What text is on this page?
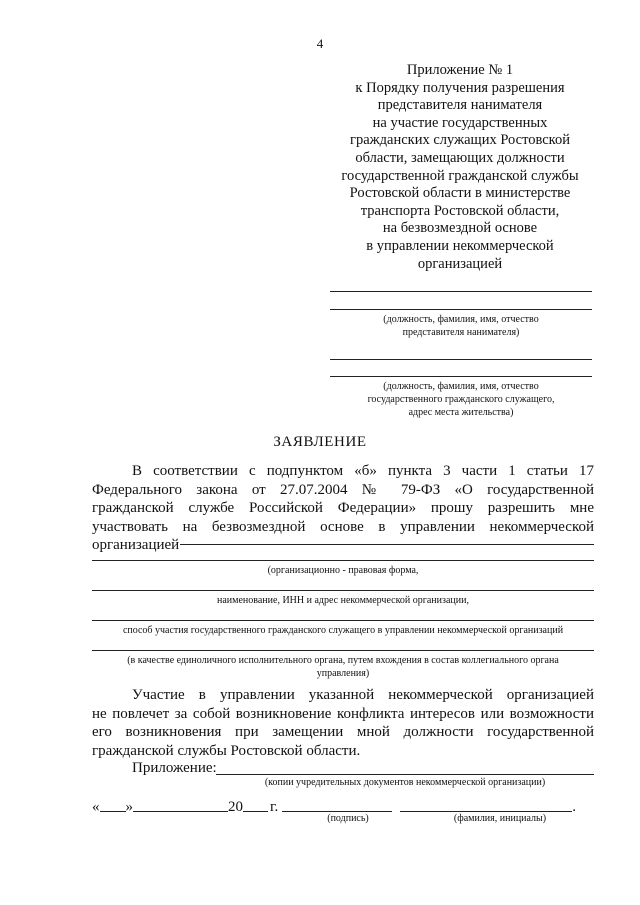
4
Приложение № 1
к Порядку получения разрешения
представителя нанимателя
на участие государственных
гражданских служащих Ростовской
области, замещающих должности
государственной гражданской службы
Ростовской области в министерстве
транспорта Ростовской области,
на безвозмездной основе
в управлении некоммерческой
организацией
(должность, фамилия, имя, отчество
представителя нанимателя)
(должность, фамилия, имя, отчество
государственного гражданского служащего,
адрес места жительства)
ЗАЯВЛЕНИЕ
В соответствии с подпунктом «б» пункта 3 части 1 статьи 17
Федерального закона от 27.07.2004 № 79-ФЗ «О государственной
гражданской службе Российской Федерации» прошу разрешить мне
участвовать на безвозмездной основе в управлении некоммерческой
организацией
(организационно - правовая форма,
наименование, ИНН и адрес некоммерческой организации,
способ участия государственного гражданского служащего в управлении некоммерческой организаций
(в качестве единоличного исполнительного органа, путем вхождения в состав коллегиального органа
управления)
Участие в управлении указанной некоммерческой организацией
не повлечет за собой возникновение конфликта интересов или возможности
его возникновения при замещении мной должности государственной
гражданской службы Ростовской области.
Приложение:
(копии учредительных документов некоммерческой организации)
« »	20 г.	.
(подпись)	(фамилия, инициалы)
